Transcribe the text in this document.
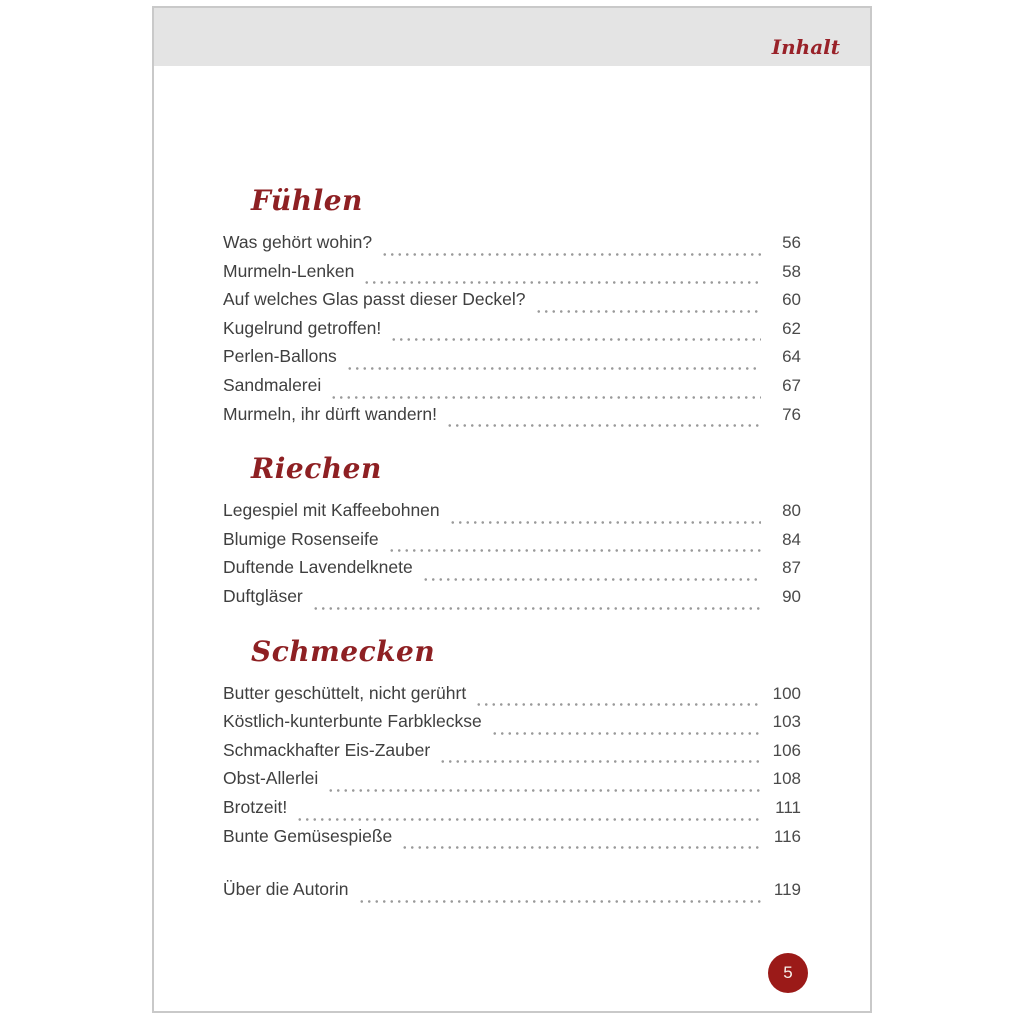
Inhalt
Fühlen
Was gehört wohin?	56
Murmeln-Lenken	58
Auf welches Glas passt dieser Deckel?	60
Kugelrund getroffen!	62
Perlen-Ballons	64
Sandmalerei	67
Murmeln, ihr dürft wandern!	76
Riechen
Legespiel mit Kaffeebohnen	80
Blumige Rosenseife	84
Duftende Lavendelknete	87
Duftgläser	90
Schmecken
Butter geschüttelt, nicht gerührt	100
Köstlich-kunterbunte Farbkleckse	103
Schmackhafter Eis-Zauber	106
Obst-Allerlei	108
Brotzeit!	111
Bunte Gemüsespieße	116
Über die Autorin	119
5
